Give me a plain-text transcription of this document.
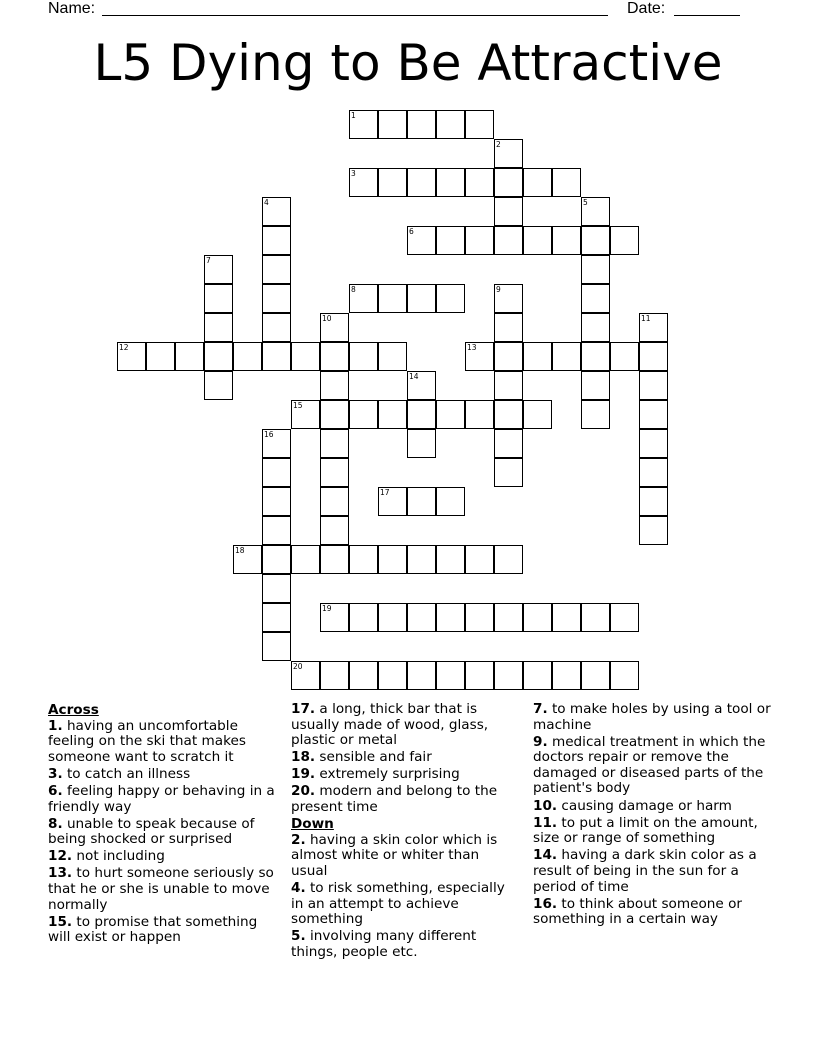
Name:	Date:
L5 Dying to Be Attractive
1
2
3
4	5
6
7
8	9
10	11
12	13
14
15
16
17
18
19
20
Across
1. having an uncomfortable feeling on the ski that makes someone want to scratch it
3. to catch an illness
6. feeling happy or behaving in a friendly way
8. unable to speak because of being shocked or surprised
12. not including
13. to hurt someone seriously so that he or she is unable to move normally
15. to promise that something will exist or happen
17. a long, thick bar that is usually made of wood, glass, plastic or metal
18. sensible and fair
19. extremely surprising
20. modern and belong to the present time
Down
2. having a skin color which is almost white or whiter than usual
4. to risk something, especially in an attempt to achieve something
5. involving many different things, people etc.
7. to make holes by using a tool or machine
9. medical treatment in which the doctors repair or remove the damaged or diseased parts of the patient's body
10. causing damage or harm
11. to put a limit on the amount, size or range of something
14. having a dark skin color as a result of being in the sun for a period of time
16. to think about someone or something in a certain way
